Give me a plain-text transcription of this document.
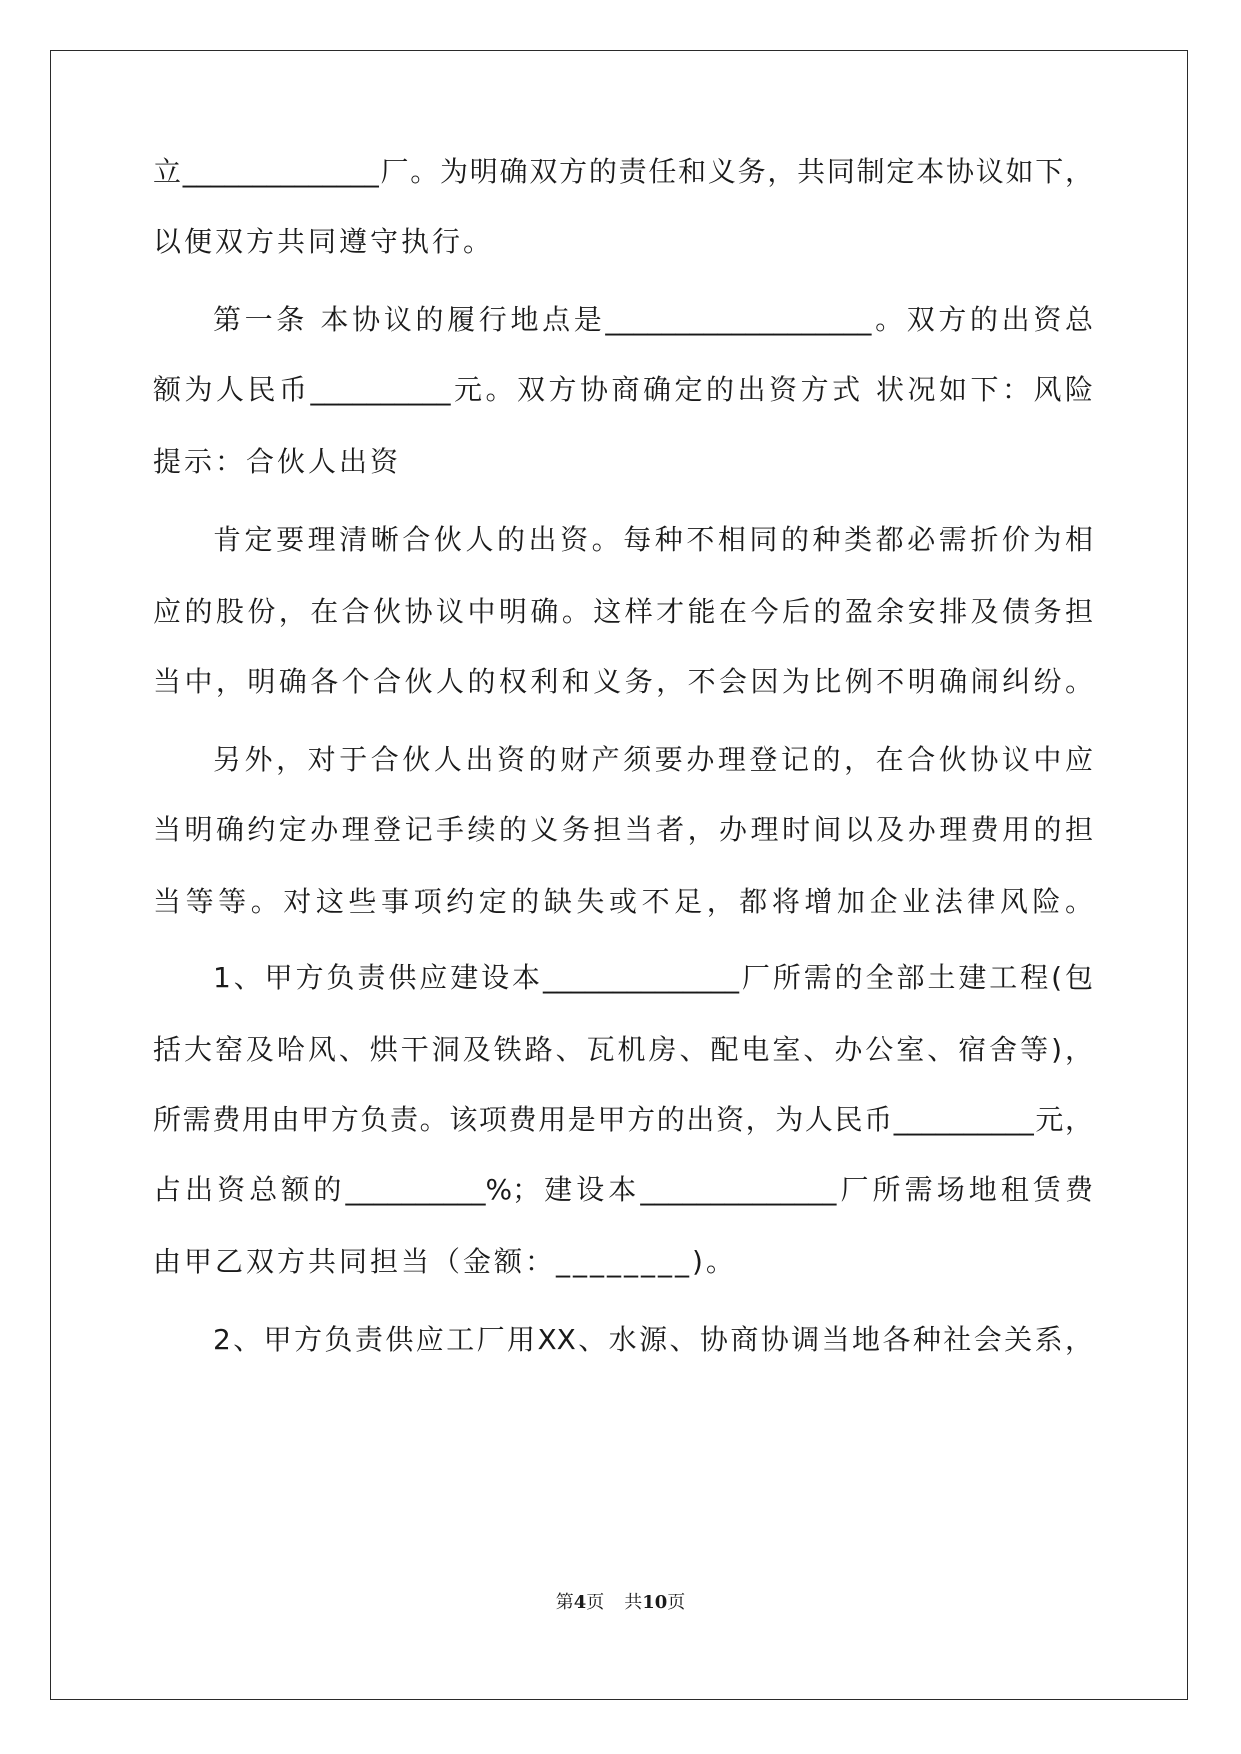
立______________厂。为明确双方的责任和义务，共同制定本协议如下，
以便双方共同遵守执行。
第一条 本协议的履行地点是___________________。双方的出资总
额为人民币__________元。双方协商确定的出资方式 状况如下：风险
提示：合伙人出资
肯定要理清晰合伙人的出资。每种不相同的种类都必需折价为相
应的股份，在合伙协议中明确。这样才能在今后的盈余安排及债务担
当中，明确各个合伙人的权利和义务，不会因为比例不明确闹纠纷。
另外，对于合伙人出资的财产须要办理登记的，在合伙协议中应
当明确约定办理登记手续的义务担当者，办理时间以及办理费用的担
当等等。对这些事项约定的缺失或不足，都将增加企业法律风险。
1、甲方负责供应建设本______________厂所需的全部土建工程(包
括大窑及哈风、烘干洞及铁路、瓦机房、配电室、办公室、宿舍等)，
所需费用由甲方负责。该项费用是甲方的出资，为人民币__________元，
占出资总额的__________%；建设本______________厂所需场地租赁费
由甲乙双方共同担当（金额：________)。
2、甲方负责供应工厂用XX、水源、协商协调当地各种社会关系，
第4页 共10页
